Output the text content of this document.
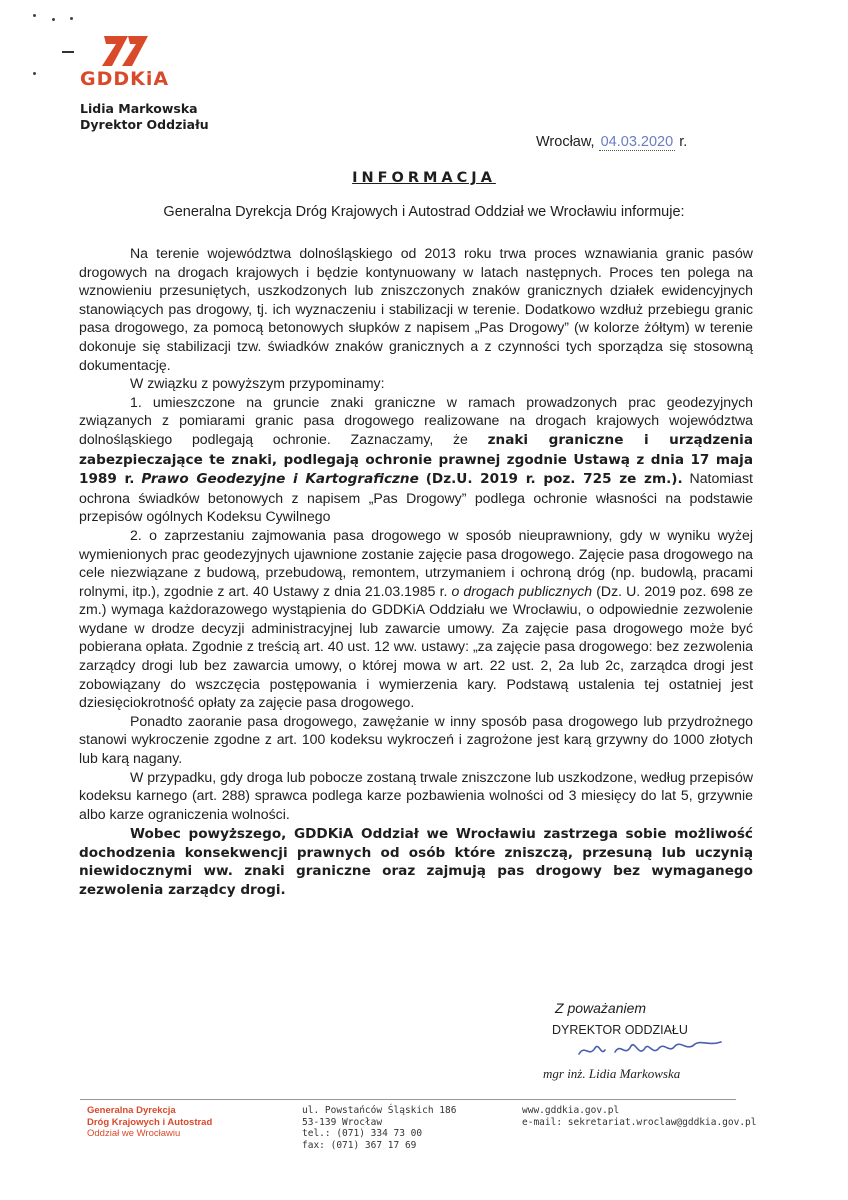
GDDKiA
Lidia Markowska
Dyrektor Oddziału
Wrocław, 04.03.2020 r.
INFORMACJA
Generalna Dyrekcja Dróg Krajowych i Autostrad Oddział we Wrocławiu informuje:

Na terenie województwa dolnośląskiego od 2013 roku trwa proces wznawiania granic pasów drogowych na drogach krajowych i będzie kontynuowany w latach następnych. Proces ten polega na wznowieniu przesuniętych, uszkodzonych lub zniszczonych znaków granicznych działek ewidencyjnych stanowiących pas drogowy, tj. ich wyznaczeniu i stabilizacji w terenie. Dodatkowo wzdłuż przebiegu granic pasa drogowego, za pomocą betonowych słupków z napisem „Pas Drogowy” (w kolorze żółtym) w terenie dokonuje się stabilizacji tzw. świadków znaków granicznych a z czynności tych sporządza się stosowną dokumentację.

W związku z powyższym przypominamy:

1. umieszczone na gruncie znaki graniczne w ramach prowadzonych prac geodezyjnych związanych z pomiarami granic pasa drogowego realizowane na drogach krajowych województwa dolnośląskiego podlegają ochronie. Zaznaczamy, że znaki graniczne i urządzenia zabezpieczające te znaki, podlegają ochronie prawnej zgodnie Ustawą z dnia 17 maja 1989 r. Prawo Geodezyjne i Kartograficzne (Dz.U. 2019 r. poz. 725 ze zm.). Natomiast ochrona świadków betonowych z napisem „Pas Drogowy” podlega ochronie własności na podstawie przepisów ogólnych Kodeksu Cywilnego

2. o zaprzestaniu zajmowania pasa drogowego w sposób nieuprawniony, gdy w wyniku wyżej wymienionych prac geodezyjnych ujawnione zostanie zajęcie pasa drogowego. Zajęcie pasa drogowego na cele niezwiązane z budową, przebudową, remontem, utrzymaniem i ochroną dróg (np. budowlą, pracami rolnymi, itp.), zgodnie z art. 40 Ustawy z dnia 21.03.1985 r. o drogach publicznych (Dz. U. 2019 poz. 698 ze zm.) wymaga każdorazowego wystąpienia do GDDKiA Oddziału we Wrocławiu, o odpowiednie zezwolenie wydane w drodze decyzji administracyjnej lub zawarcie umowy. Za zajęcie pasa drogowego może być pobierana opłata. Zgodnie z treścią art. 40 ust. 12 ww. ustawy: „za zajęcie pasa drogowego: bez zezwolenia zarządcy drogi lub bez zawarcia umowy, o której mowa w art. 22 ust. 2, 2a lub 2c, zarządca drogi jest zobowiązany do wszczęcia postępowania i wymierzenia kary. Podstawą ustalenia tej ostatniej jest dziesięciokrotność opłaty za zajęcie pasa drogowego.

Ponadto zaoranie pasa drogowego, zawężanie w inny sposób pasa drogowego lub przydrożnego stanowi wykroczenie zgodne z art. 100 kodeksu wykroczeń i zagrożone jest karą grzywny do 1000 złotych lub karą nagany.

W przypadku, gdy droga lub pobocze zostaną trwale zniszczone lub uszkodzone, według przepisów kodeksu karnego (art. 288) sprawca podlega karze pozbawienia wolności od 3 miesięcy do lat 5, grzywnie albo karze ograniczenia wolności.

Wobec powyższego, GDDKiA Oddział we Wrocławiu zastrzega sobie możliwość dochodzenia konsekwencji prawnych od osób które zniszczą, przesuną lub uczynią niewidocznymi ww. znaki graniczne oraz zajmują pas drogowy bez wymaganego zezwolenia zarządcy drogi.

Z poważaniem
DYREKTOR ODDZIAŁU
mgr inż. Lidia Markowska
Generalna Dyrekcja
Dróg Krajowych i Autostrad
Oddział we Wrocławiu
ul. Powstańców Śląskich 186
53-139 Wrocław
tel.: (071) 334 73 00
fax: (071) 367 17 69
www.gddkia.gov.pl
e-mail: sekretariat.wroclaw@gddkia.gov.pl
